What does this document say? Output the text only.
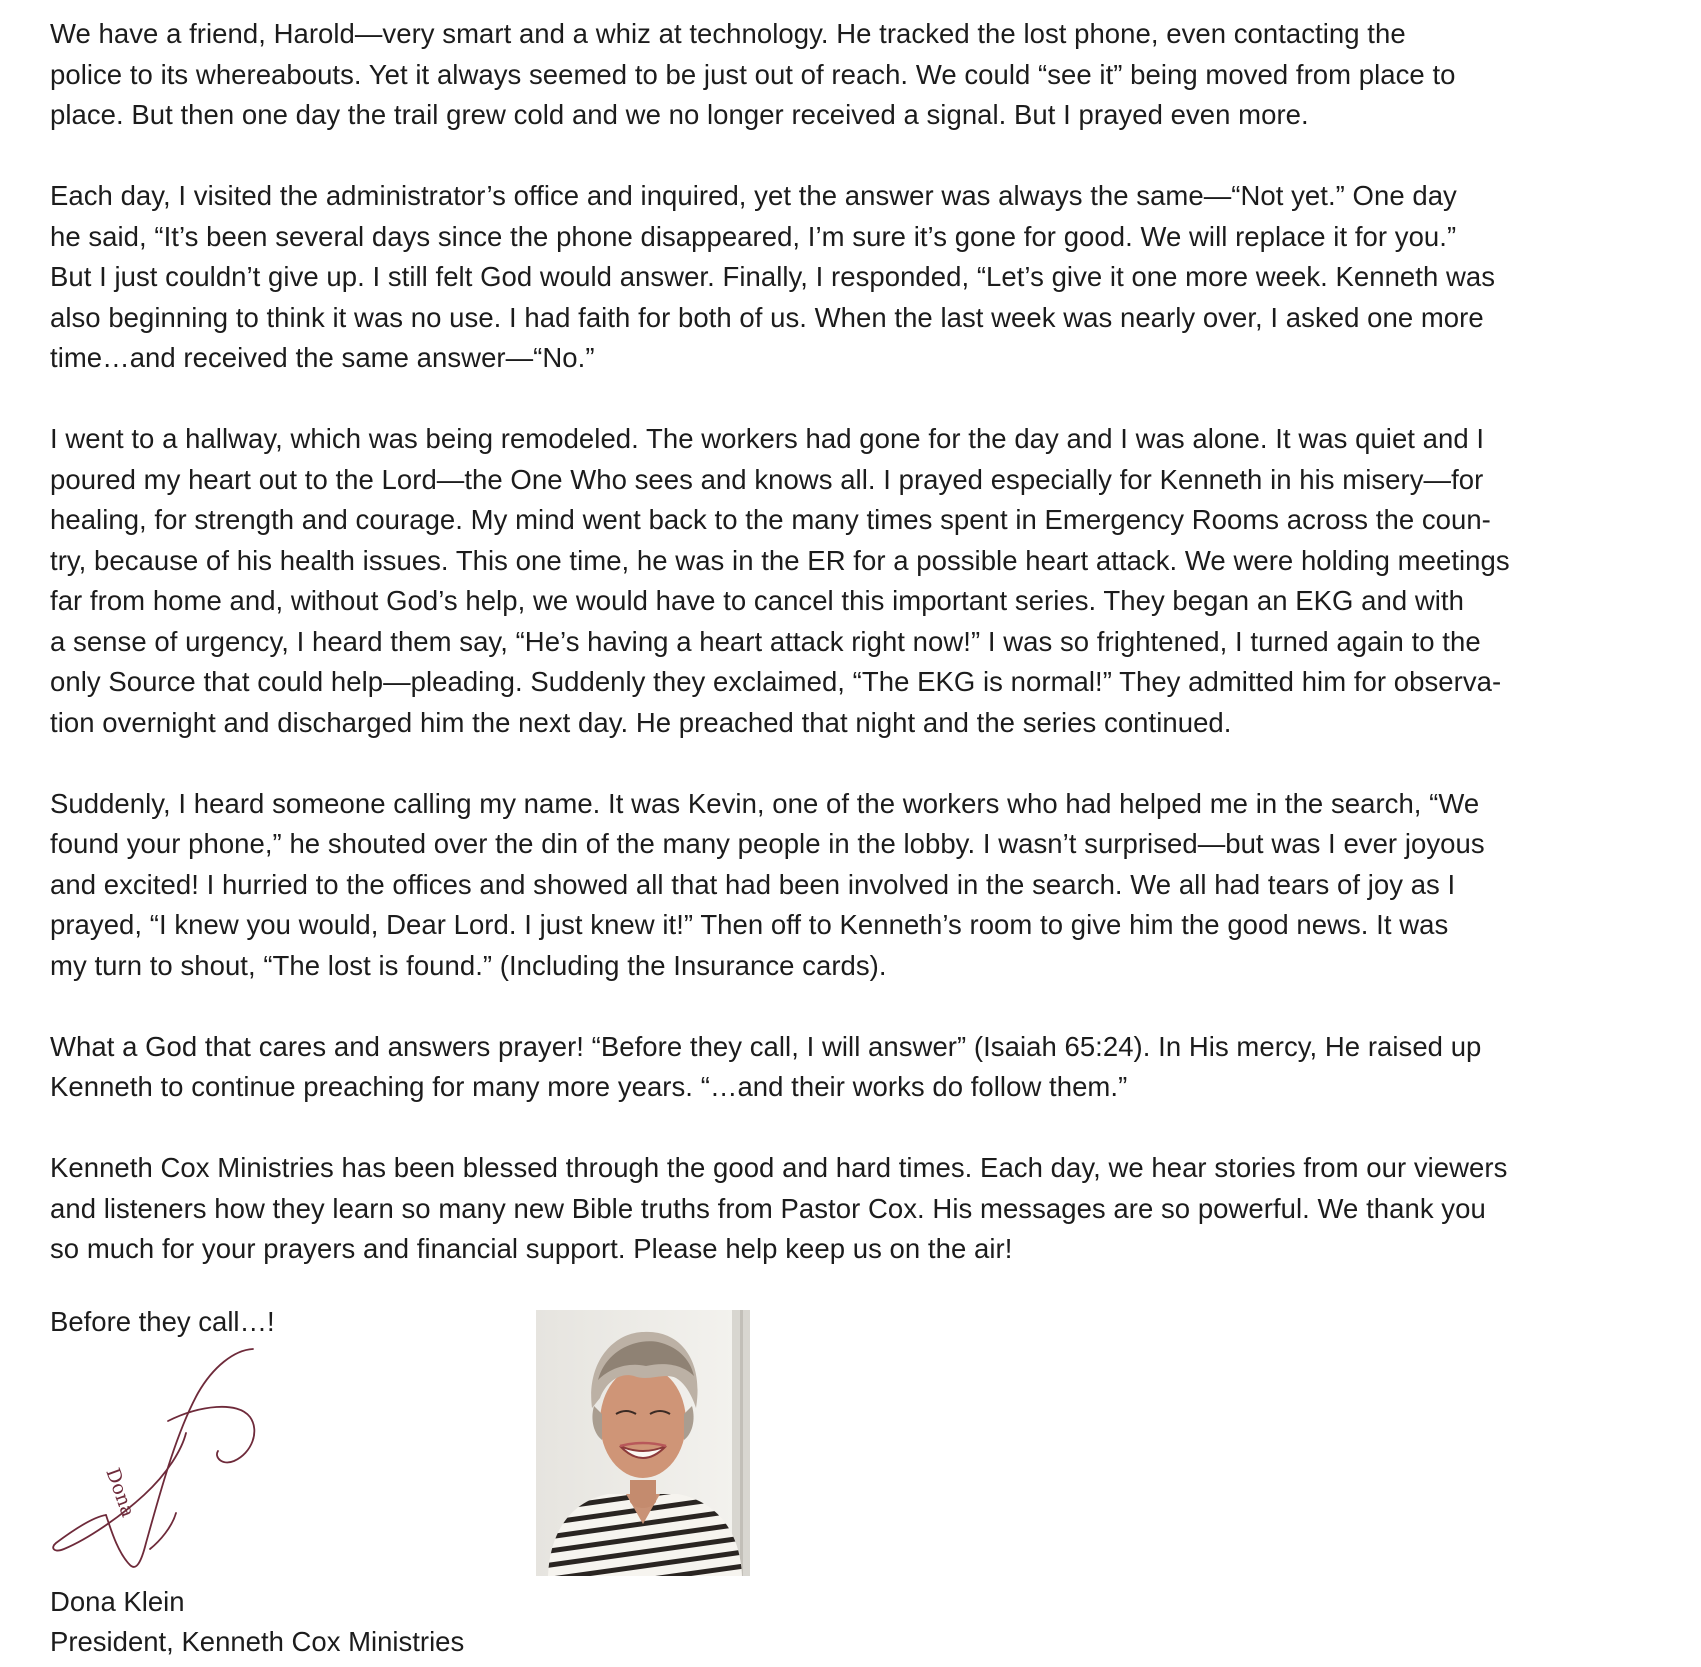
We have a friend, Harold—very smart and a whiz at technology. He tracked the lost phone, even contacting the
police to its whereabouts. Yet it always seemed to be just out of reach. We could “see it” being moved from place to
place. But then one day the trail grew cold and we no longer received a signal. But I prayed even more.
Each day, I visited the administrator’s office and inquired, yet the answer was always the same—“Not yet.” One day
he said, “It’s been several days since the phone disappeared, I’m sure it’s gone for good. We will replace it for you.”
But I just couldn’t give up. I still felt God would answer. Finally, I responded, “Let’s give it one more week. Kenneth was
also beginning to think it was no use. I had faith for both of us. When the last week was nearly over, I asked one more
time…and received the same answer—“No.”
I went to a hallway, which was being remodeled. The workers had gone for the day and I was alone. It was quiet and I
poured my heart out to the Lord—the One Who sees and knows all. I prayed especially for Kenneth in his misery—for
healing, for strength and courage. My mind went back to the many times spent in Emergency Rooms across the coun-
try, because of his health issues. This one time, he was in the ER for a possible heart attack. We were holding meetings
far from home and, without God’s help, we would have to cancel this important series. They began an EKG and with
a sense of urgency, I heard them say, “He’s having a heart attack right now!” I was so frightened, I turned again to the
only Source that could help—pleading. Suddenly they exclaimed, “The EKG is normal!” They admitted him for observa-
tion overnight and discharged him the next day. He preached that night and the series continued.
Suddenly, I heard someone calling my name. It was Kevin, one of the workers who had helped me in the search, “We
found your phone,” he shouted over the din of the many people in the lobby. I wasn’t surprised—but was I ever joyous
and excited! I hurried to the offices and showed all that had been involved in the search. We all had tears of joy as I
prayed, “I knew you would, Dear Lord. I just knew it!” Then off to Kenneth’s room to give him the good news. It was
my turn to shout, “The lost is found.” (Including the Insurance cards).
What a God that cares and answers prayer! “Before they call, I will answer” (Isaiah 65:24). In His mercy, He raised up
Kenneth to continue preaching for many more years. “…and their works do follow them.”
Kenneth Cox Ministries has been blessed through the good and hard times. Each day, we hear stories from our viewers
and listeners how they learn so many new Bible truths from Pastor Cox. His messages are so powerful. We thank you
so much for your prayers and financial support. Please help keep us on the air!
Before they call…!
Dona
Dona Klein
President, Kenneth Cox Ministries
